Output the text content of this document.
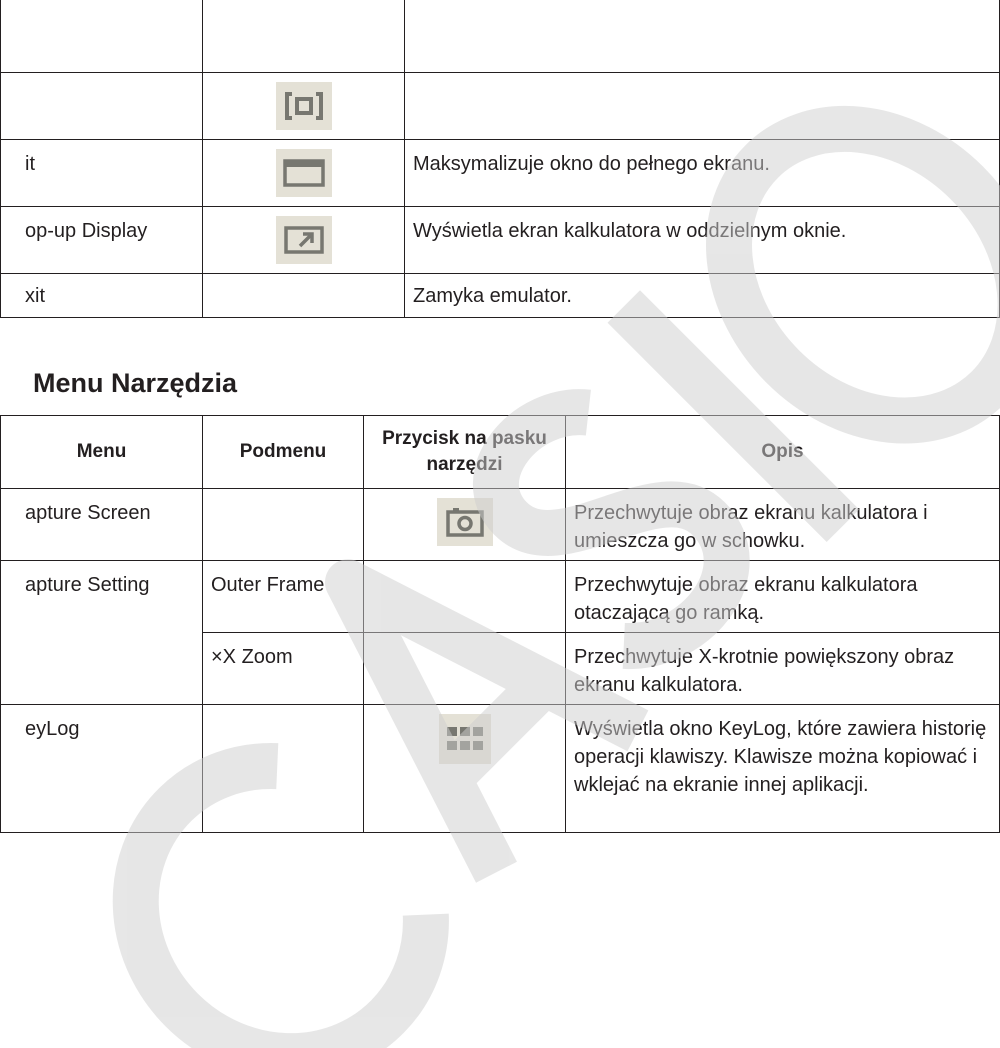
it		Maksymalizuje okno do pełnego ekranu.

op-up Display		Wyświetla ekran kalkulatora w oddzielnym oknie.

xit		Zamyka emulator.
Menu Narzędzia
Menu	Podmenu	Przycisk na pasku narzędzi	Opis

apture Screen			Przechwytuje obraz ekranu kalkulatora i umieszcza go w schowku.

apture Setting	Outer Frame		Przechwytuje obraz ekranu kalkulatora otaczającą go ramką.

	×X Zoom		Przechwytuje X-krotnie powiększony obraz ekranu kalkulatora.

eyLog			Wyświetla okno KeyLog, które zawiera historię operacji klawiszy. Klawisze można kopiować i wklejać na ekranie innej aplikacji.
